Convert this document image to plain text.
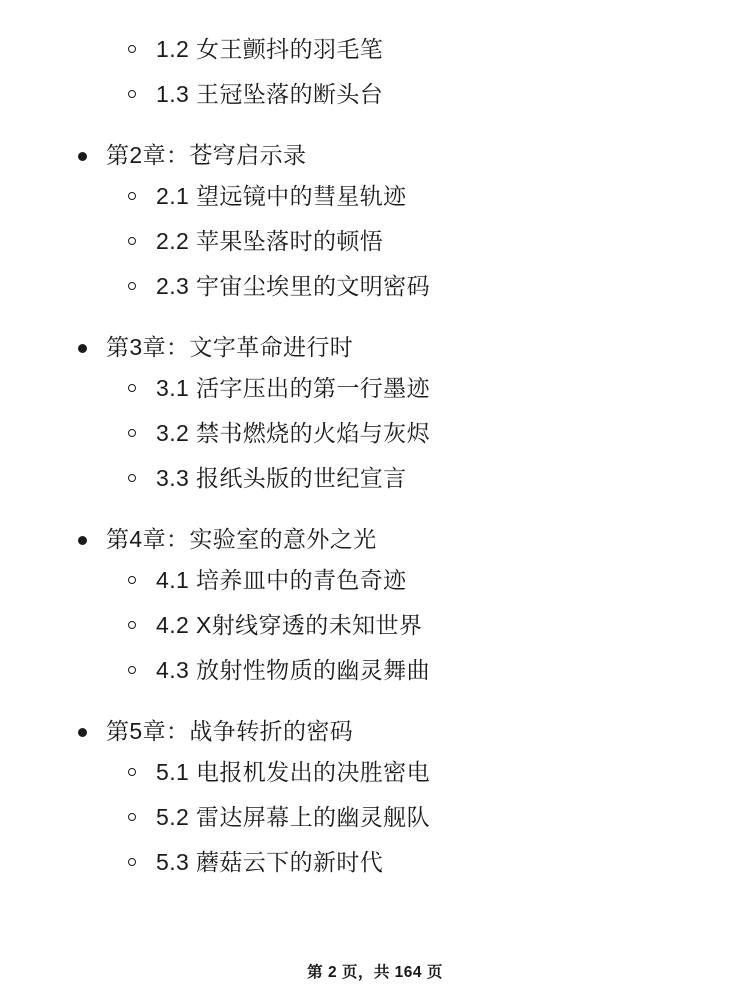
1.2 女王颤抖的羽毛笔
1.3 王冠坠落的断头台
第2章：苍穹启示录
2.1 望远镜中的彗星轨迹
2.2 苹果坠落时的顿悟
2.3 宇宙尘埃里的文明密码
第3章：文字革命进行时
3.1 活字压出的第一行墨迹
3.2 禁书燃烧的火焰与灰烬
3.3 报纸头版的世纪宣言
第4章：实验室的意外之光
4.1 培养皿中的青色奇迹
4.2 X射线穿透的未知世界
4.3 放射性物质的幽灵舞曲
第5章：战争转折的密码
5.1 电报机发出的决胜密电
5.2 雷达屏幕上的幽灵舰队
5.3 蘑菇云下的新时代
第 2 页，共 164 页
